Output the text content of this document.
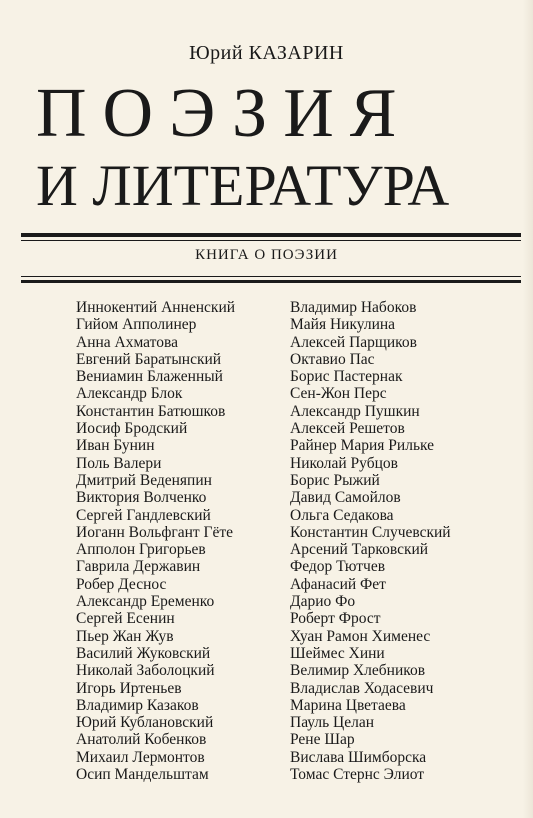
Юрий КАЗАРИН
ПОЭЗИЯ
И ЛИТЕРАТУРА
КНИГА О ПОЭЗИИ
Иннокентий Анненский
Гийом Апполинер
Анна Ахматова
Евгений Баратынский
Вениамин Блаженный
Александр Блок
Константин Батюшков
Иосиф Бродский
Иван Бунин
Поль Валери
Дмитрий Веденяпин
Виктория Волченко
Сергей Гандлевский
Иоганн Вольфгант Гёте
Апполон Григорьев
Гаврила Державин
Робер Деснос
Александр Еременко
Сергей Есенин
Пьер Жан Жув
Василий Жуковский
Николай Заболоцкий
Игорь Иртеньев
Владимир Казаков
Юрий Кублановский
Анатолий Кобенков
Михаил Лермонтов
Осип Мандельштам
Владимир Набоков
Майя Никулина
Алексей Парщиков
Октавио Пас
Борис Пастернак
Сен-Жон Перс
Александр Пушкин
Алексей Решетов
Райнер Мария Рильке
Николай Рубцов
Борис Рыжий
Давид Самойлов
Ольга Седакова
Константин Случевский
Арсений Тарковский
Федор Тютчев
Афанасий Фет
Дарио Фо
Роберт Фрост
Хуан Рамон Хименес
Шеймес Хини
Велимир Хлебников
Владислав Ходасевич
Марина Цветаева
Пауль Целан
Рене Шар
Вислава Шимборска
Томас Стернс Элиот
